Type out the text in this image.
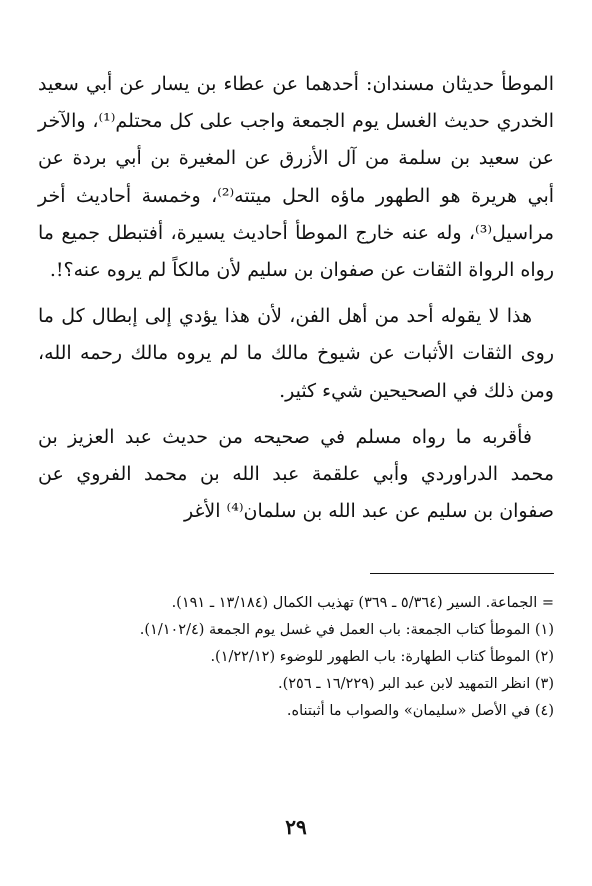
الموطأ حديثان مسندان: أحدهما عن عطاء بن يسار عن أبي سعيد الخدري حديث الغسل يوم الجمعة واجب على كل محتلم⁽¹⁾، والآخر عن سعيد بن سلمة من آل الأزرق عن المغيرة بن أبي بردة عن أبي هريرة هو الطهور ماؤه الحل ميتته⁽²⁾، وخمسة أحاديث أخر مراسيل⁽³⁾، وله عنه خارج الموطأ أحاديث يسيرة، أفتبطل جميع ما رواه الرواة الثقات عن صفوان بن سليم لأن مالكاً لم يروه عنه؟!.

هذا لا يقوله أحد من أهل الفن، لأن هذا يؤدي إلى إبطال كل ما روى الثقات الأثبات عن شيوخ مالك ما لم يروه مالك رحمه الله، ومن ذلك في الصحيحين شيء كثير.

فأقربه ما رواه مسلم في صحيحه من حديث عبد العزيز بن محمد الدراوردي وأبي علقمة عبد الله بن محمد الفروي عن صفوان بن سليم عن عبد الله بن سلمان⁽⁴⁾ الأغر

= الجماعة. السير (٥/٣٦٤ ـ ٣٦٩) تهذيب الكمال (١٣/١٨٤ ـ ١٩١).

(١) الموطأ كتاب الجمعة: باب العمل في غسل يوم الجمعة (١/١٠٢/٤).

(٢) الموطأ كتاب الطهارة: باب الطهور للوضوء (١/٢٢/١٢).

(٣) انظر التمهيد لابن عبد البر (١٦/٢٢٩ ـ ٢٥٦).

(٤) في الأصل «سليمان» والصواب ما أثبتناه.

٢٩
